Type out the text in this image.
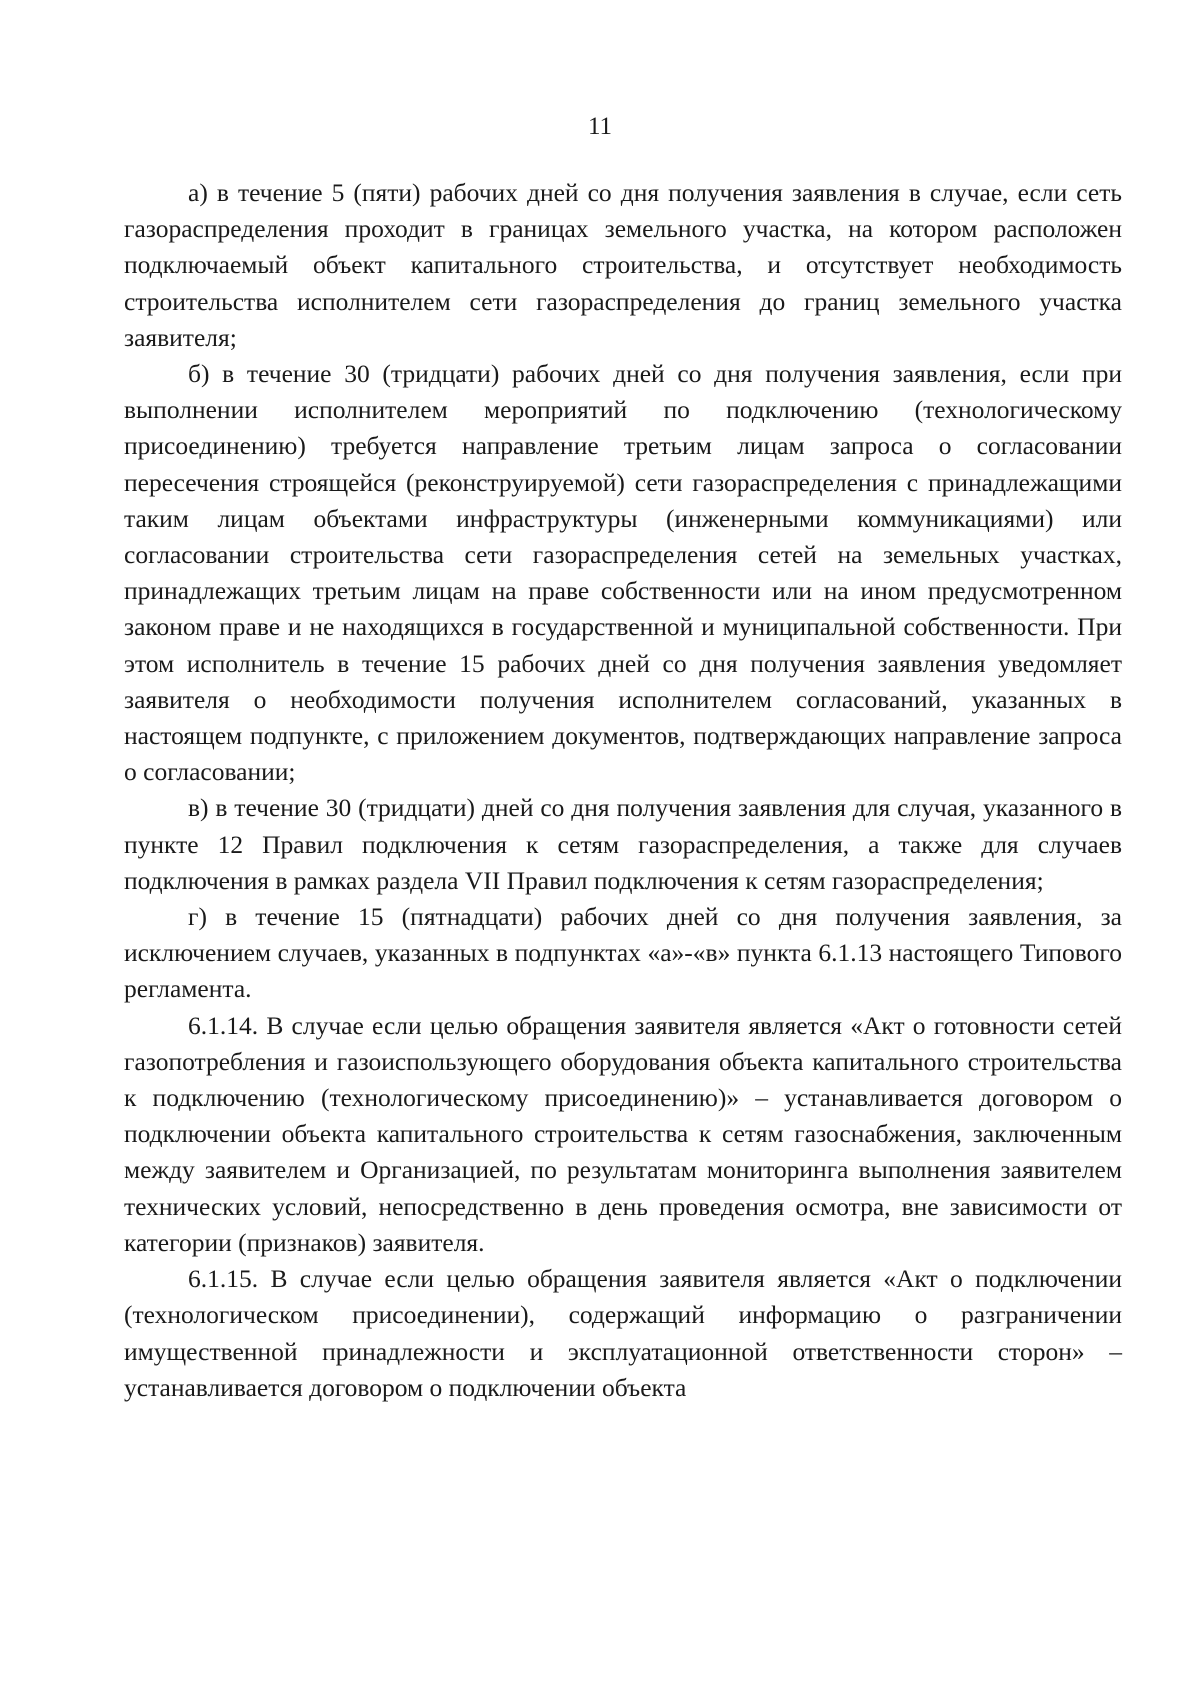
11

а) в течение 5 (пяти) рабочих дней со дня получения заявления в случае, если сеть газораспределения проходит в границах земельного участка, на котором расположен подключаемый объект капитального строительства, и отсутствует необходимость строительства исполнителем сети газораспределения до границ земельного участка заявителя;

б) в течение 30 (тридцати) рабочих дней со дня получения заявления, если при выполнении исполнителем мероприятий по подключению (технологическому присоединению) требуется направление третьим лицам запроса о согласовании пересечения строящейся (реконструируемой) сети газораспределения с принадлежащими таким лицам объектами инфраструктуры (инженерными коммуникациями) или согласовании строительства сети газораспределения сетей на земельных участках, принадлежащих третьим лицам на праве собственности или на ином предусмотренном законом праве и не находящихся в государственной и муниципальной собственности. При этом исполнитель в течение 15 рабочих дней со дня получения заявления уведомляет заявителя о необходимости получения исполнителем согласований, указанных в настоящем подпункте, с приложением документов, подтверждающих направление запроса о согласовании;

в) в течение 30 (тридцати) дней со дня получения заявления для случая, указанного в пункте 12 Правил подключения к сетям газораспределения, а также для случаев подключения в рамках раздела VII Правил подключения к сетям газораспределения;

г) в течение 15 (пятнадцати) рабочих дней со дня получения заявления, за исключением случаев, указанных в подпунктах «а»-«в» пункта 6.1.13 настоящего Типового регламента.

6.1.14. В случае если целью обращения заявителя является «Акт о готовности сетей газопотребления и газоиспользующего оборудования объекта капитального строительства к подключению (технологическому присоединению)» – устанавливается договором о подключении объекта капитального строительства к сетям газоснабжения, заключенным между заявителем и Организацией, по результатам мониторинга выполнения заявителем технических условий, непосредственно в день проведения осмотра, вне зависимости от категории (признаков) заявителя.

6.1.15. В случае если целью обращения заявителя является «Акт о подключении (технологическом присоединении), содержащий информацию о разграничении имущественной принадлежности и эксплуатационной ответственности сторон» – устанавливается договором о подключении объекта
